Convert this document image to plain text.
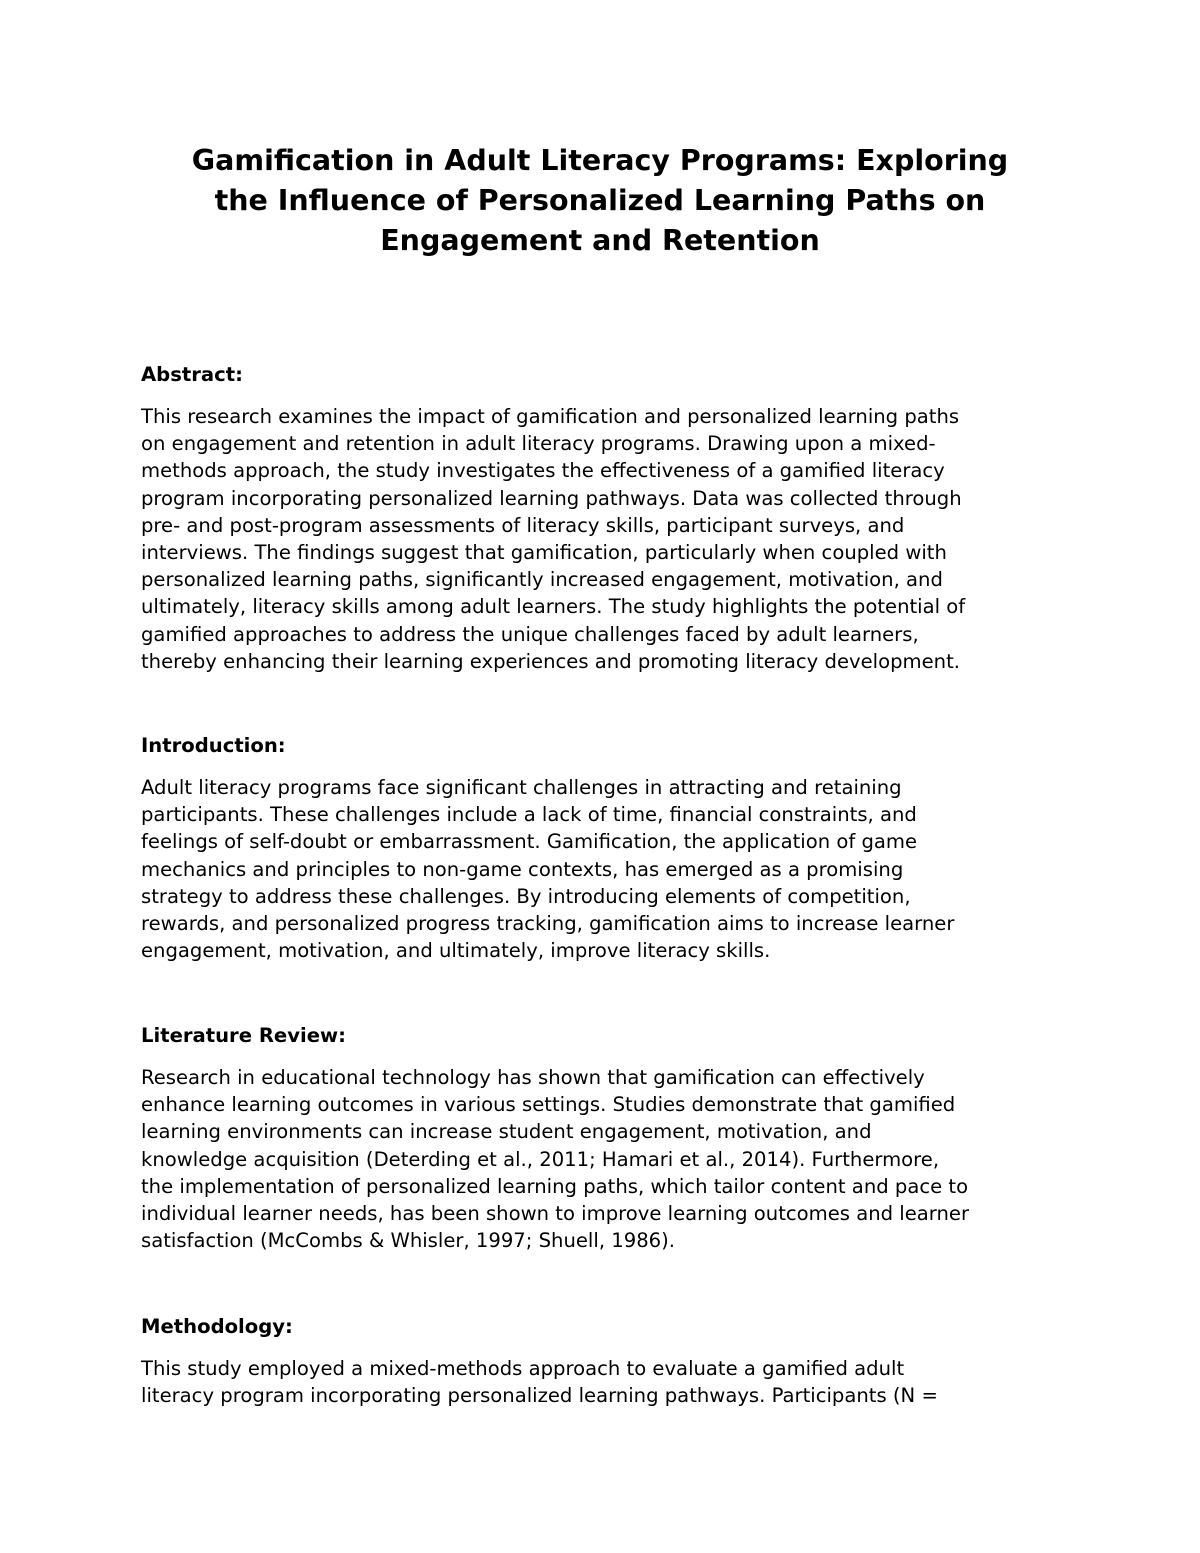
Gamification in Adult Literacy Programs: Exploring
the Influence of Personalized Learning Paths on
Engagement and Retention
Abstract:

This research examines the impact of gamification and personalized learning paths
on engagement and retention in adult literacy programs. Drawing upon a mixed-
methods approach, the study investigates the effectiveness of a gamified literacy
program incorporating personalized learning pathways. Data was collected through
pre- and post-program assessments of literacy skills, participant surveys, and
interviews. The findings suggest that gamification, particularly when coupled with
personalized learning paths, significantly increased engagement, motivation, and
ultimately, literacy skills among adult learners. The study highlights the potential of
gamified approaches to address the unique challenges faced by adult learners,
thereby enhancing their learning experiences and promoting literacy development.

Introduction:

Adult literacy programs face significant challenges in attracting and retaining
participants. These challenges include a lack of time, financial constraints, and
feelings of self-doubt or embarrassment. Gamification, the application of game
mechanics and principles to non-game contexts, has emerged as a promising
strategy to address these challenges. By introducing elements of competition,
rewards, and personalized progress tracking, gamification aims to increase learner
engagement, motivation, and ultimately, improve literacy skills.

Literature Review:

Research in educational technology has shown that gamification can effectively
enhance learning outcomes in various settings. Studies demonstrate that gamified
learning environments can increase student engagement, motivation, and
knowledge acquisition (Deterding et al., 2011; Hamari et al., 2014). Furthermore,
the implementation of personalized learning paths, which tailor content and pace to
individual learner needs, has been shown to improve learning outcomes and learner
satisfaction (McCombs & Whisler, 1997; Shuell, 1986).

Methodology:

This study employed a mixed-methods approach to evaluate a gamified adult
literacy program incorporating personalized learning pathways. Participants (N =
